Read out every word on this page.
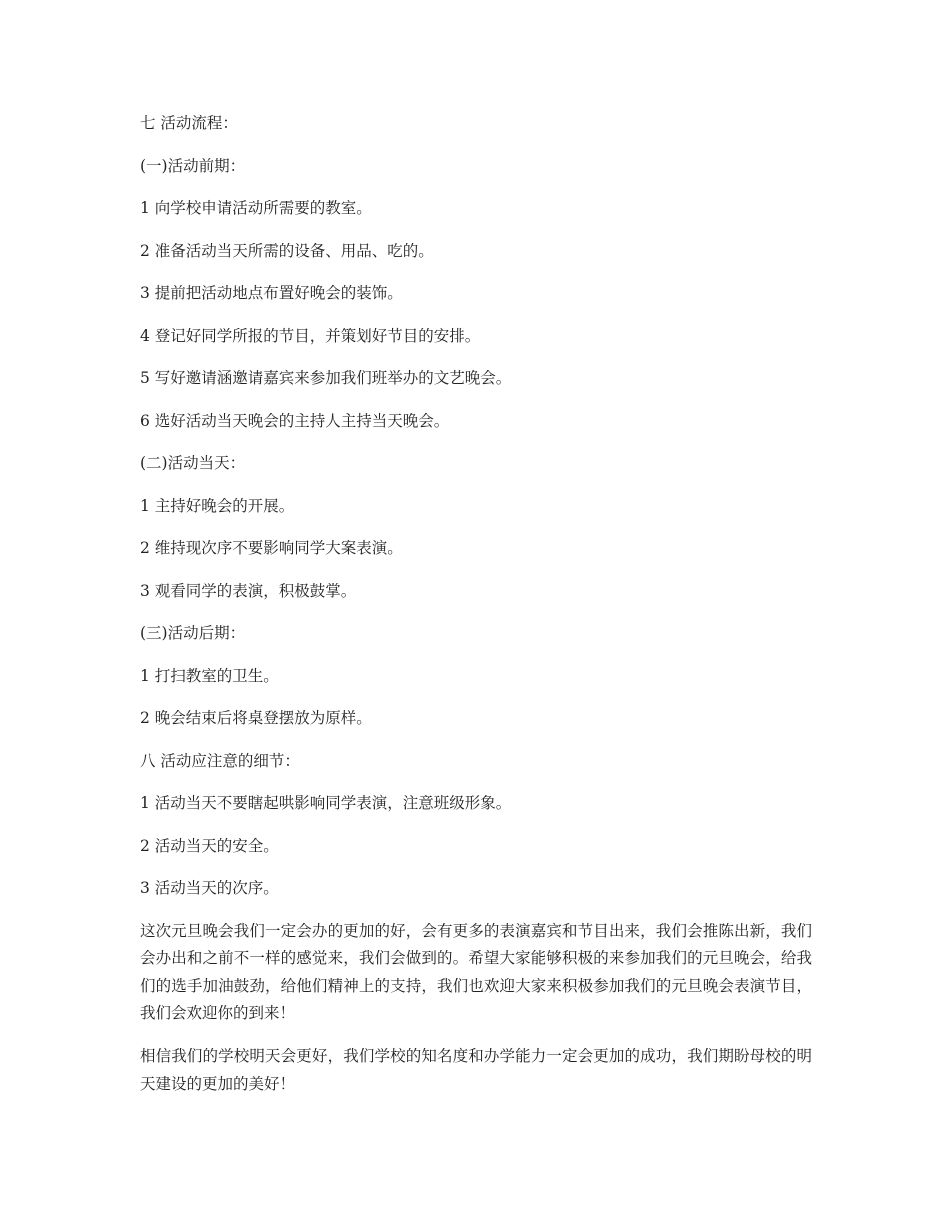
七 活动流程：
(一)活动前期：
1 向学校申请活动所需要的教室。
2 准备活动当天所需的设备、用品、吃的。
3 提前把活动地点布置好晚会的装饰。
4 登记好同学所报的节目，并策划好节目的安排。
5 写好邀请涵邀请嘉宾来参加我们班举办的文艺晚会。
6 选好活动当天晚会的主持人主持当天晚会。
(二)活动当天：
1 主持好晚会的开展。
2 维持现次序不要影响同学大案表演。
3 观看同学的表演，积极鼓掌。
(三)活动后期：
1 打扫教室的卫生。
2 晚会结束后将桌登摆放为原样。
八 活动应注意的细节：
1 活动当天不要瞎起哄影响同学表演，注意班级形象。
2 活动当天的安全。
3 活动当天的次序。

这次元旦晚会我们一定会办的更加的好，会有更多的表演嘉宾和节目出来，我们会推陈出新，我们会办出和之前不一样的感觉来，我们会做到的。希望大家能够积极的来参加我们的元旦晚会，给我们的选手加油鼓劲，给他们精神上的支持，我们也欢迎大家来积极参加我们的元旦晚会表演节目，我们会欢迎你的到来！

相信我们的学校明天会更好，我们学校的知名度和办学能力一定会更加的成功，我们期盼母校的明天建设的更加的美好！
